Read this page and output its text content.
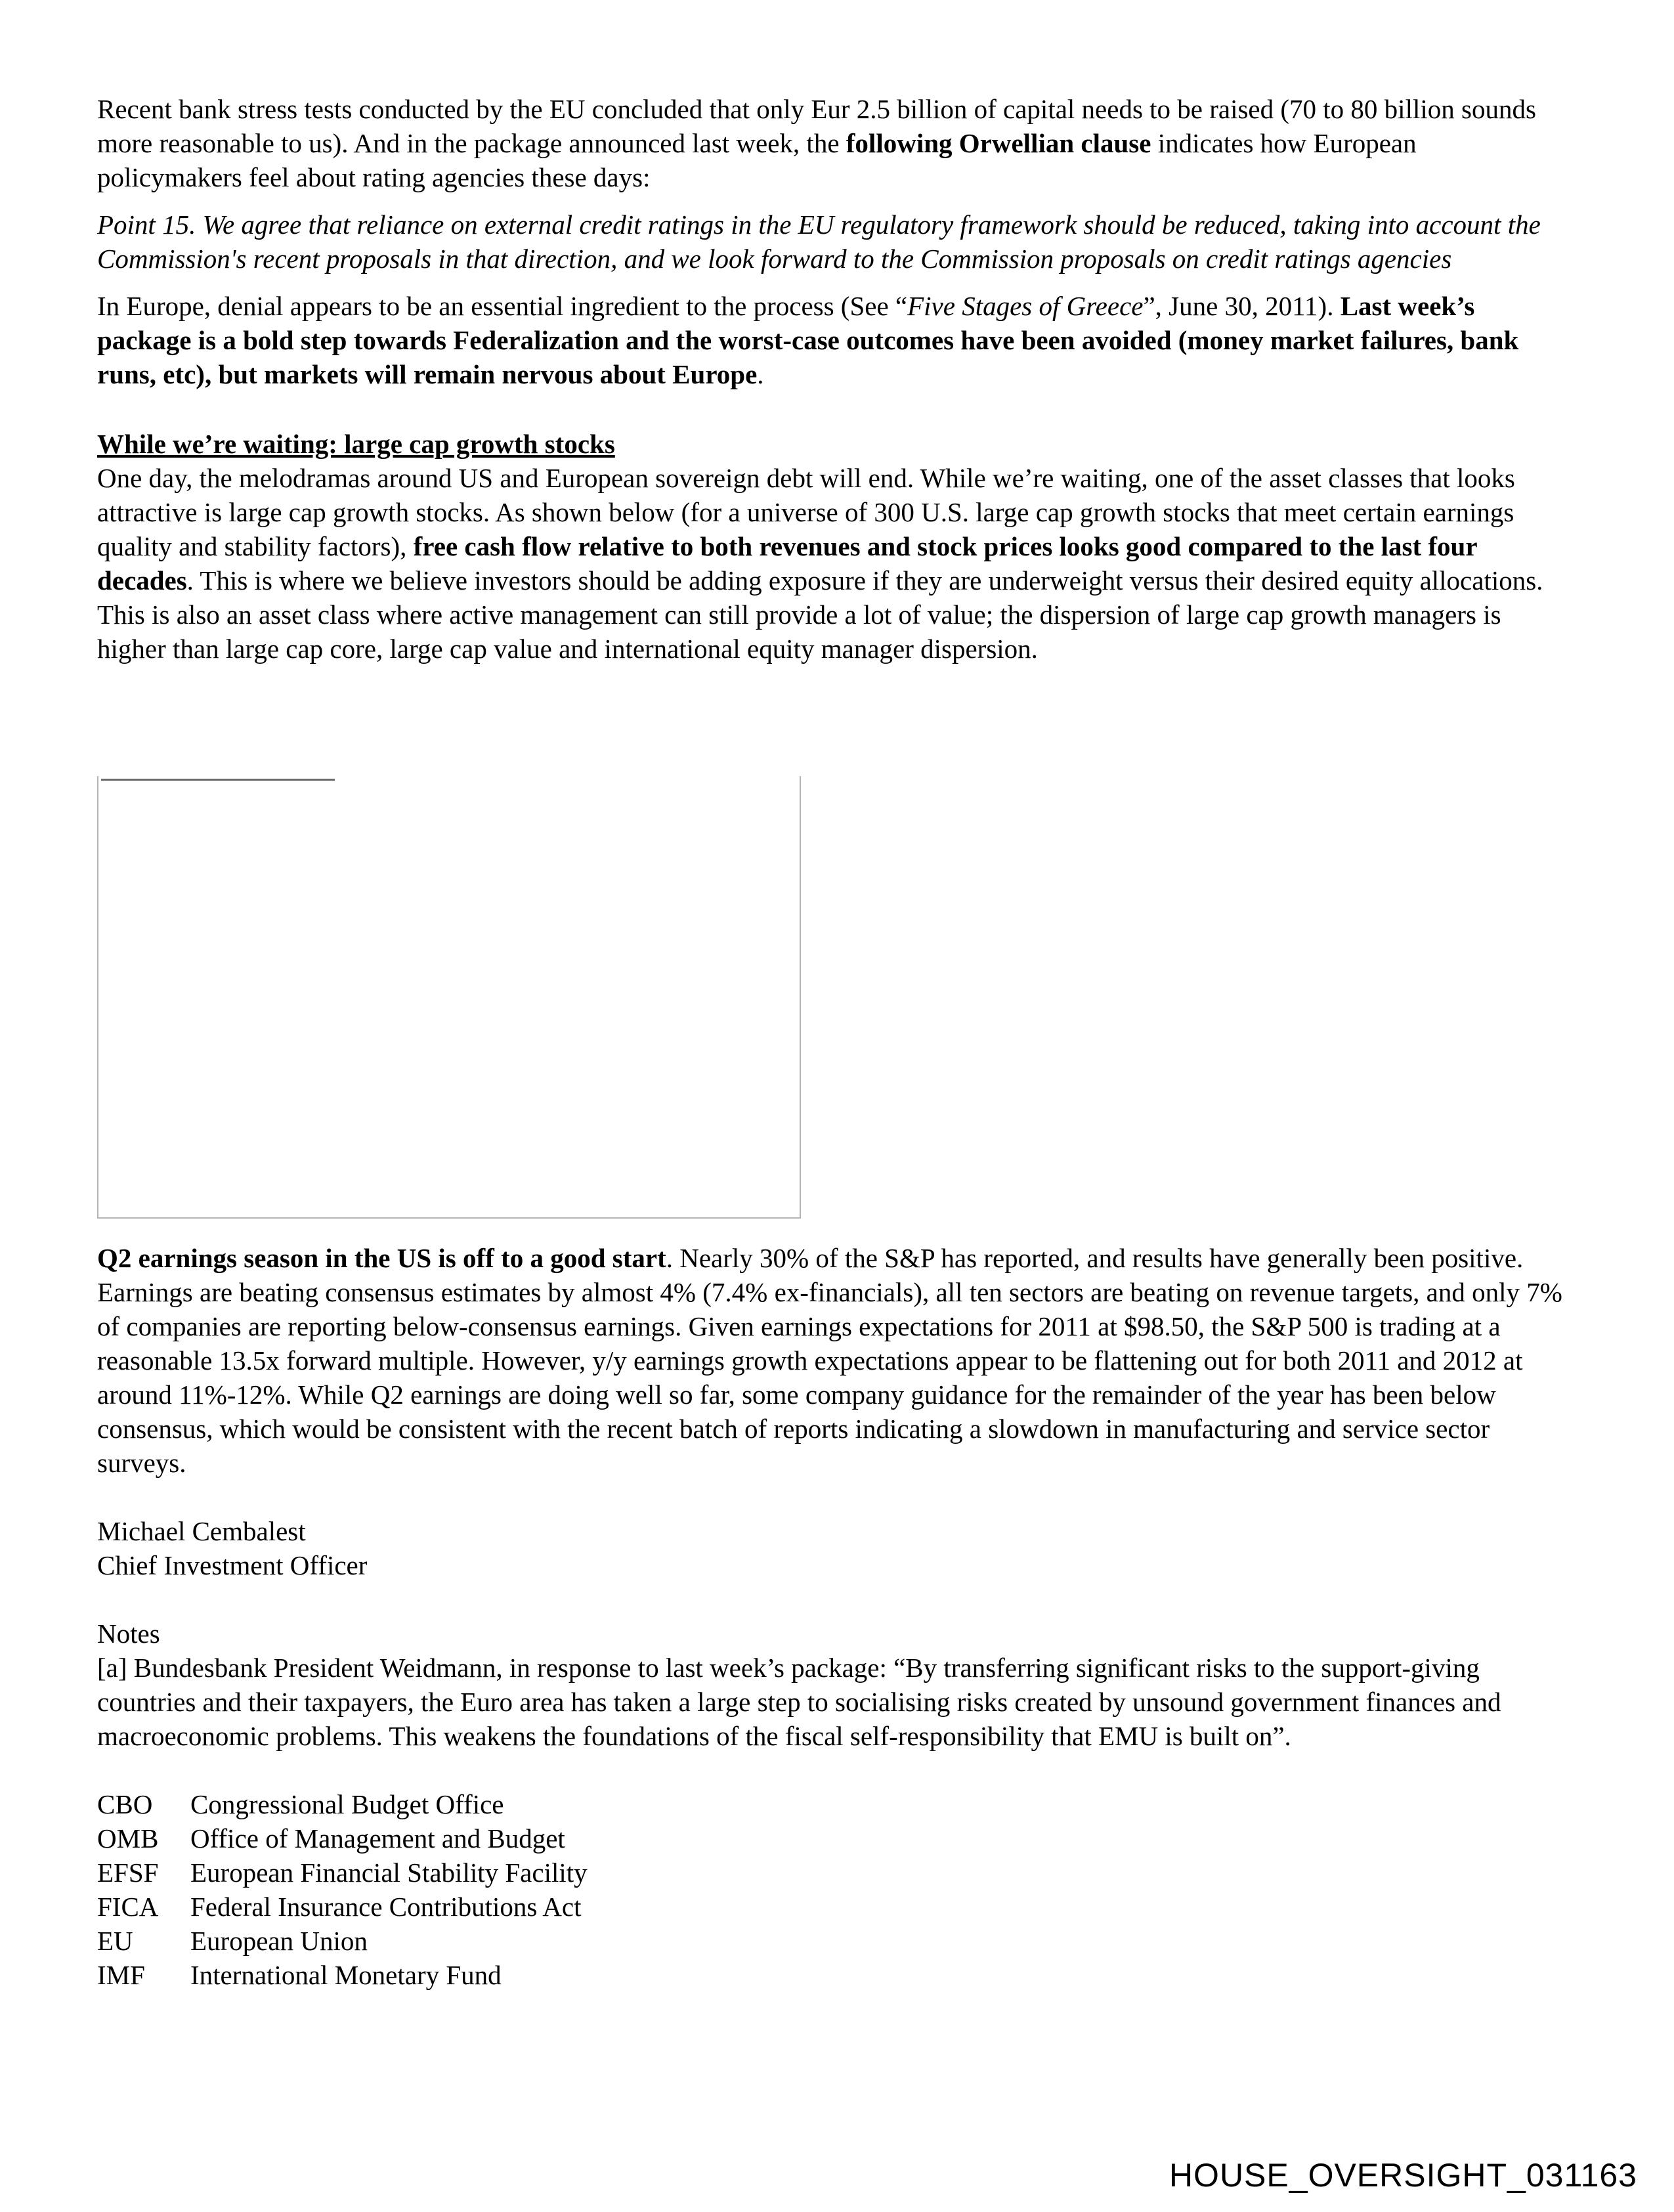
Recent bank stress tests conducted by the EU concluded that only Eur 2.5 billion of capital needs to be raised (70 to 80 billion sounds more reasonable to us). And in the package announced last week, the following Orwellian clause indicates how European policymakers feel about rating agencies these days:

Point 15. We agree that reliance on external credit ratings in the EU regulatory framework should be reduced, taking into account the Commission's recent proposals in that direction, and we look forward to the Commission proposals on credit ratings agencies

In Europe, denial appears to be an essential ingredient to the process (See “Five Stages of Greece”, June 30, 2011). Last week’s package is a bold step towards Federalization and the worst-case outcomes have been avoided (money market failures, bank runs, etc), but markets will remain nervous about Europe.

While we’re waiting: large cap growth stocks

One day, the melodramas around US and European sovereign debt will end. While we’re waiting, one of the asset classes that looks attractive is large cap growth stocks. As shown below (for a universe of 300 U.S. large cap growth stocks that meet certain earnings quality and stability factors), free cash flow relative to both revenues and stock prices looks good compared to the last four decades. This is where we believe investors should be adding exposure if they are underweight versus their desired equity allocations. This is also an asset class where active management can still provide a lot of value; the dispersion of large cap growth managers is higher than large cap core, large cap value and international equity manager dispersion.

Q2 earnings season in the US is off to a good start. Nearly 30% of the S&P has reported, and results have generally been positive. Earnings are beating consensus estimates by almost 4% (7.4% ex-financials), all ten sectors are beating on revenue targets, and only 7% of companies are reporting below-consensus earnings. Given earnings expectations for 2011 at $98.50, the S&P 500 is trading at a reasonable 13.5x forward multiple. However, y/y earnings growth expectations appear to be flattening out for both 2011 and 2012 at around 11%-12%. While Q2 earnings are doing well so far, some company guidance for the remainder of the year has been below consensus, which would be consistent with the recent batch of reports indicating a slowdown in manufacturing and service sector surveys.

Michael Cembalest

Chief Investment Officer

Notes

[a] Bundesbank President Weidmann, in response to last week’s package: “By transferring significant risks to the support-giving countries and their taxpayers, the Euro area has taken a large step to socialising risks created by unsound government finances and macroeconomic problems. This weakens the foundations of the fiscal self-responsibility that EMU is built on”.

CBO	Congressional Budget Office
OMB	Office of Management and Budget
EFSF	European Financial Stability Facility
FICA	Federal Insurance Contributions Act
EU	European Union
IMF	International Monetary Fund
HOUSE_OVERSIGHT_031163
